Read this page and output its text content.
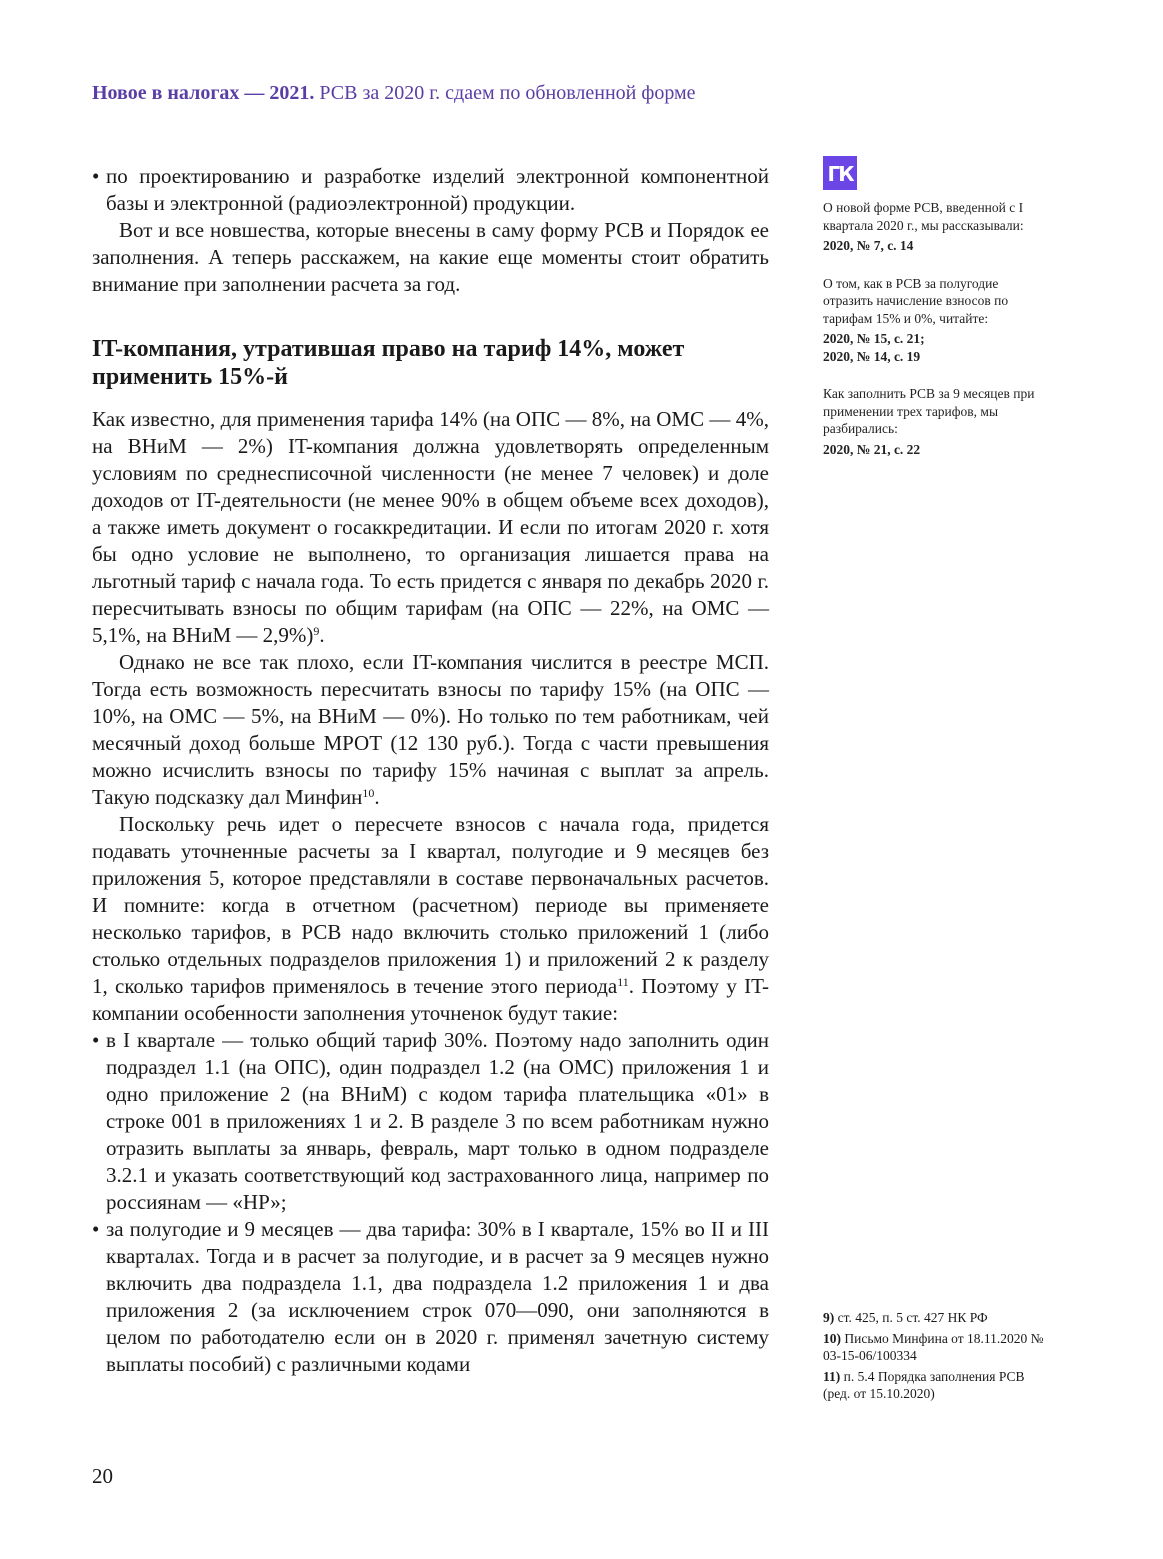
Новое в налогах — 2021. РСВ за 2020 г. сдаем по обновленной форме

• по проектированию и разработке изделий электронной компонентной базы и электронной (радиоэлектронной) продукции.

Вот и все новшества, которые внесены в саму форму РСВ и Порядок ее заполнения. А теперь расскажем, на какие еще моменты стоит обратить внимание при заполнении расчета за год.

IT-компания, утратившая право на тариф 14%, может применить 15%-й

Как известно, для применения тарифа 14% (на ОПС — 8%, на ОМС — 4%, на ВНиМ — 2%) IT-компания должна удовлетворять определенным условиям по среднесписочной численности (не менее 7 человек) и доле доходов от IT-деятельности (не менее 90% в общем объеме всех доходов), а также иметь документ о госаккредитации. И если по итогам 2020 г. хотя бы одно условие не выполнено, то организация лишается права на льготный тариф с начала года. То есть придется с января по декабрь 2020 г. пересчитывать взносы по общим тарифам (на ОПС — 22%, на ОМС — 5,1%, на ВНиМ — 2,9%)$^9$.

Однако не все так плохо, если IT-компания числится в реестре МСП. Тогда есть возможность пересчитать взносы по тарифу 15% (на ОПС — 10%, на ОМС — 5%, на ВНиМ — 0%). Но только по тем работникам, чей месячный доход больше МРОТ (12 130 руб.). Тогда с части превышения можно исчислить взносы по тарифу 15% начиная с выплат за апрель. Такую подсказку дал Минфин$^{10}$.

Поскольку речь идет о пересчете взносов с начала года, придется подавать уточненные расчеты за I квартал, полугодие и 9 месяцев без приложения 5, которое представляли в составе первоначальных расчетов. И помните: когда в отчетном (расчетном) периоде вы применяете несколько тарифов, в РСВ надо включить столько приложений 1 (либо столько отдельных подразделов приложения 1) и приложений 2 к разделу 1, сколько тарифов применялось в течение этого периода$^{11}$. Поэтому у IT-компании особенности заполнения уточненок будут такие:

• в I квартале — только общий тариф 30%. Поэтому надо заполнить один подраздел 1.1 (на ОПС), один подраздел 1.2 (на ОМС) приложения 1 и одно приложение 2 (на ВНиМ) с кодом тарифа плательщика «01» в строке 001 в приложениях 1 и 2. В разделе 3 по всем работникам нужно отразить выплаты за январь, февраль, март только в одном подразделе 3.2.1 и указать соответствующий код застрахованного лица, например по россиянам — «НР»;

• за полугодие и 9 месяцев — два тарифа: 30% в I квартале, 15% во II и III кварталах. Тогда и в расчет за полугодие, и в расчет за 9 месяцев нужно включить два подраздела 1.1, два подраздела 1.2 приложения 1 и два приложения 2 (за исключением строк 070—090, они заполняются в целом по работодателю если он в 2020 г. применял зачетную систему выплаты пособий) с различными кодами

ГК
О новой форме РСВ, введенной с I квартала 2020 г., мы рассказывали:
2020, № 7, с. 14
О том, как в РСВ за полугодие отразить начисление взносов по тарифам 15% и 0%, читайте:
2020, № 15, с. 21;
2020, № 14, с. 19
Как заполнить РСВ за 9 месяцев при применении трех тарифов, мы разбирались:
2020, № 21, с. 22
9) ст. 425, п. 5 ст. 427 НК РФ
10) Письмо Минфина от 18.11.2020 № 03-15-06/100334
11) п. 5.4 Порядка заполнения РСВ (ред. от 15.10.2020)
20
